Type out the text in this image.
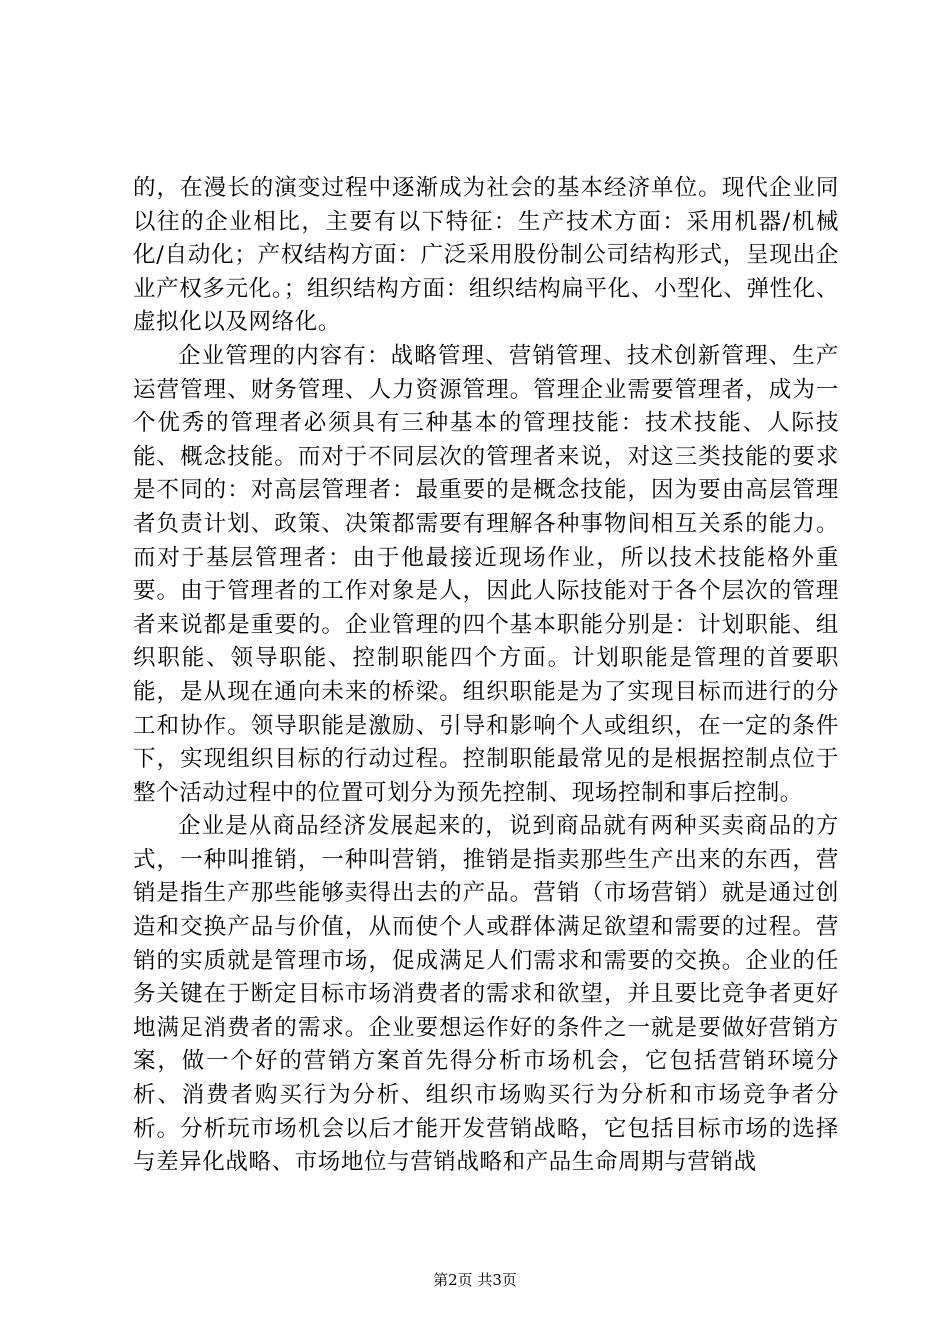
的，在漫长的演变过程中逐渐成为社会的基本经济单位。现代企业同以往的企业相比，主要有以下特征：生产技术方面：采用机器/机械化/自动化；产权结构方面：广泛采用股份制公司结构形式，呈现出企业产权多元化。；组织结构方面：组织结构扁平化、小型化、弹性化、虚拟化以及网络化。

企业管理的内容有：战略管理、营销管理、技术创新管理、生产运营管理、财务管理、人力资源管理。管理企业需要管理者，成为一个优秀的管理者必须具有三种基本的管理技能：技术技能、人际技能、概念技能。而对于不同层次的管理者来说，对这三类技能的要求是不同的：对高层管理者：最重要的是概念技能，因为要由高层管理者负责计划、政策、决策都需要有理解各种事物间相互关系的能力。而对于基层管理者：由于他最接近现场作业，所以技术技能格外重要。由于管理者的工作对象是人，因此人际技能对于各个层次的管理者来说都是重要的。企业管理的四个基本职能分别是：计划职能、组织职能、领导职能、控制职能四个方面。计划职能是管理的首要职能，是从现在通向未来的桥梁。组织职能是为了实现目标而进行的分工和协作。领导职能是激励、引导和影响个人或组织，在一定的条件下，实现组织目标的行动过程。控制职能最常见的是根据控制点位于整个活动过程中的位置可划分为预先控制、现场控制和事后控制。

企业是从商品经济发展起来的，说到商品就有两种买卖商品的方式，一种叫推销，一种叫营销，推销是指卖那些生产出来的东西，营销是指生产那些能够卖得出去的产品。营销（市场营销）就是通过创造和交换产品与价值，从而使个人或群体满足欲望和需要的过程。营销的实质就是管理市场，促成满足人们需求和需要的交换。企业的任务关键在于断定目标市场消费者的需求和欲望，并且要比竞争者更好地满足消费者的需求。企业要想运作好的条件之一就是要做好营销方案，做一个好的营销方案首先得分析市场机会，它包括营销环境分析、消费者购买行为分析、组织市场购买行为分析和市场竞争者分析。分析玩市场机会以后才能开发营销战略，它包括目标市场的选择与差异化战略、市场地位与营销战略和产品生命周期与营销战

第2页 共3页
